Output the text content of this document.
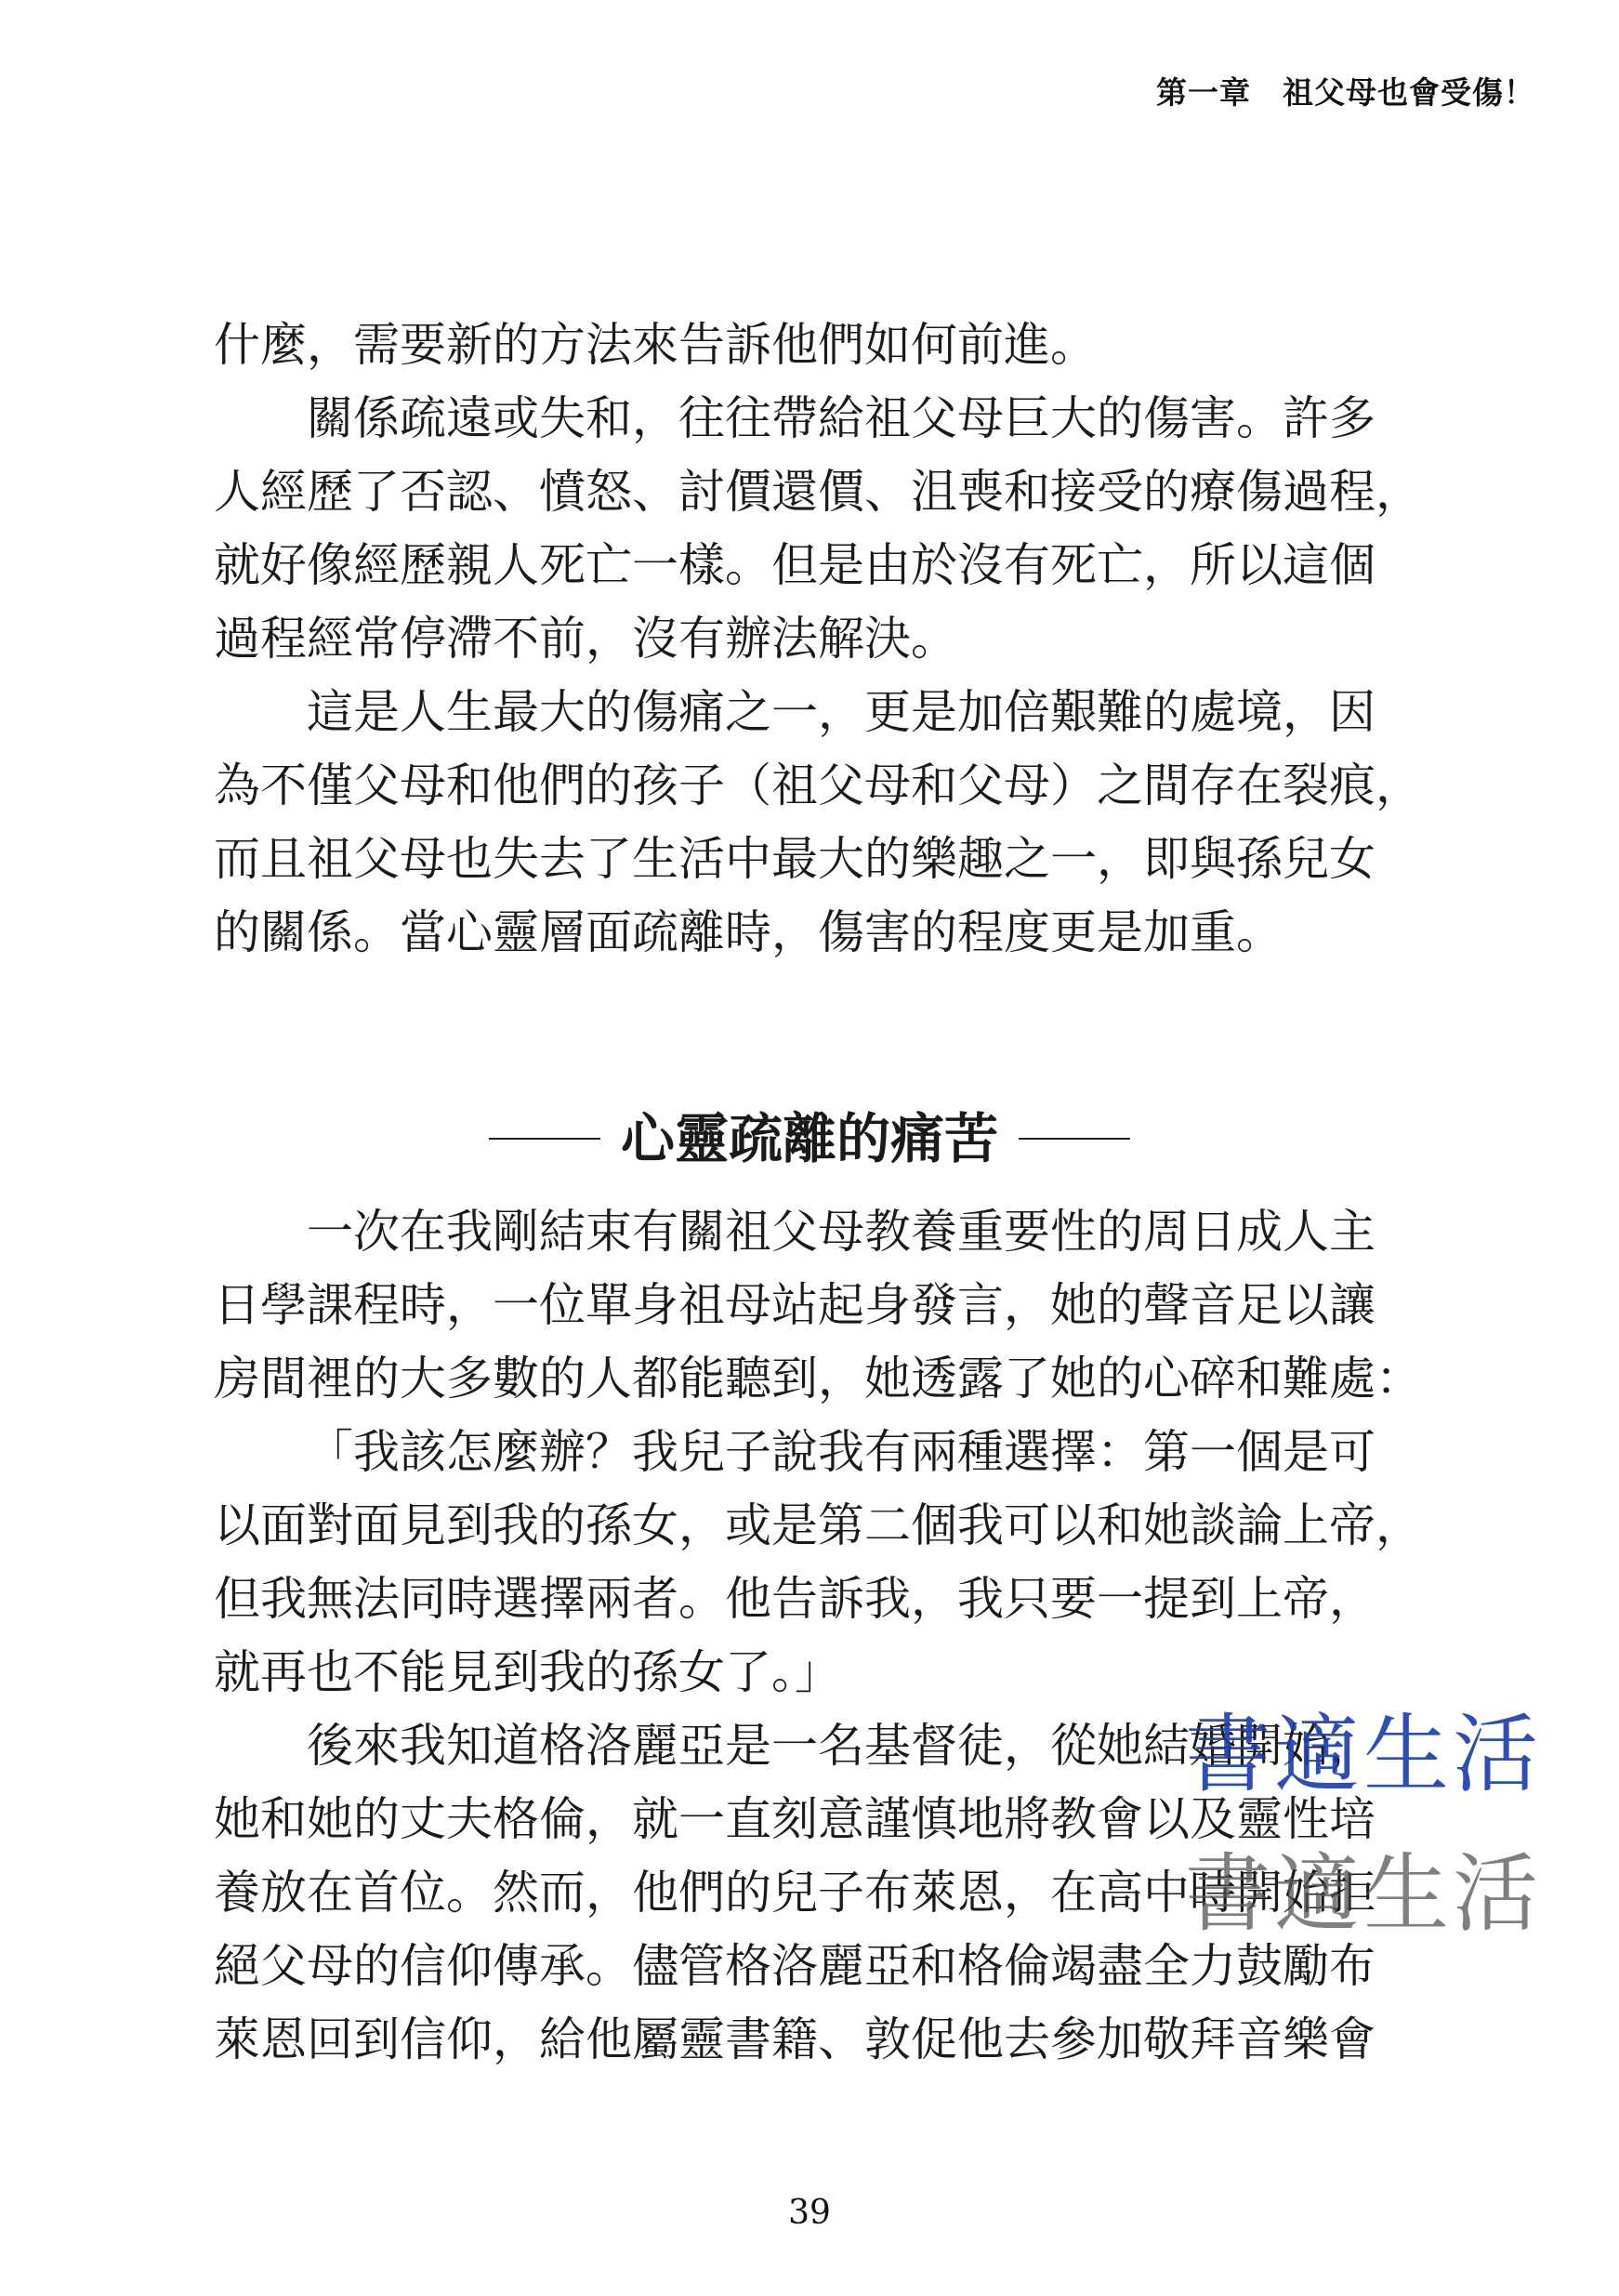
第一章　祖父母也會受傷！
什麼，需要新的方法來告訴他們如何前進。
關係疏遠或失和，往往帶給祖父母巨大的傷害。許多
人經歷了否認、憤怒、討價還價、沮喪和接受的療傷過程，
就好像經歷親人死亡一樣。但是由於沒有死亡，所以這個
過程經常停滯不前，沒有辦法解決。
這是人生最大的傷痛之一，更是加倍艱難的處境，因
為不僅父母和他們的孩子（祖父母和父母）之間存在裂痕，
而且祖父母也失去了生活中最大的樂趣之一，即與孫兒女
的關係。當心靈層面疏離時，傷害的程度更是加重。
心靈疏離的痛苦
一次在我剛結束有關祖父母教養重要性的周日成人主
日學課程時，一位單身祖母站起身發言，她的聲音足以讓
房間裡的大多數的人都能聽到，她透露了她的心碎和難處：
「我該怎麼辦？我兒子說我有兩種選擇：第一個是可
以面對面見到我的孫女，或是第二個我可以和她談論上帝，
但我無法同時選擇兩者。他告訴我，我只要一提到上帝，
就再也不能見到我的孫女了。」
後來我知道格洛麗亞是一名基督徒，從她結婚開始，
她和她的丈夫格倫，就一直刻意謹慎地將教會以及靈性培
養放在首位。然而，他們的兒子布萊恩，在高中時開始拒
絕父母的信仰傳承。儘管格洛麗亞和格倫竭盡全力鼓勵布
萊恩回到信仰，給他屬靈書籍、敦促他去參加敬拜音樂會
書適生活
書適生活
39
